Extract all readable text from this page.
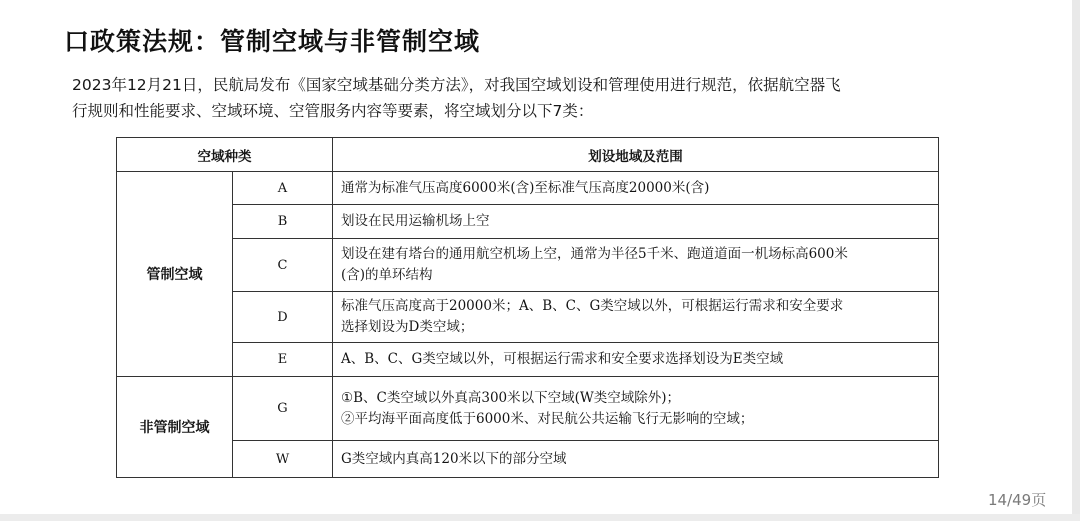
口政策法规：管制空域与非管制空域
2023年12月21日，民航局发布《国家空域基础分类方法》，对我国空域划设和管理使用进行规范，依据航空器飞
行规则和性能要求、空域环境、空管服务内容等要素，将空域划分以下7类：
空域种类		划设地域及范围
管制空域	A	通常为标准气压高度6000米(含)至标准气压高度20000米(含)

	B	划设在民用运输机场上空

	C	划设在建有塔台的通用航空机场上空，通常为半径5千米、跑道道面一机场标高600米
(含)的单环结构

	D	标准气压高度高于20000米；A、B、C、G类空域以外，可根据运行需求和安全要求
选择划设为D类空域；

	E	A、B、C、G类空域以外，可根据运行需求和安全要求选择划设为E类空域

非管制空域	G	①B、C类空域以外真高300米以下空域(W类空域除外)；
②平均海平面高度低于6000米、对民航公共运输飞行无影响的空域；

	W	G类空域内真高120米以下的部分空域
14/49页
